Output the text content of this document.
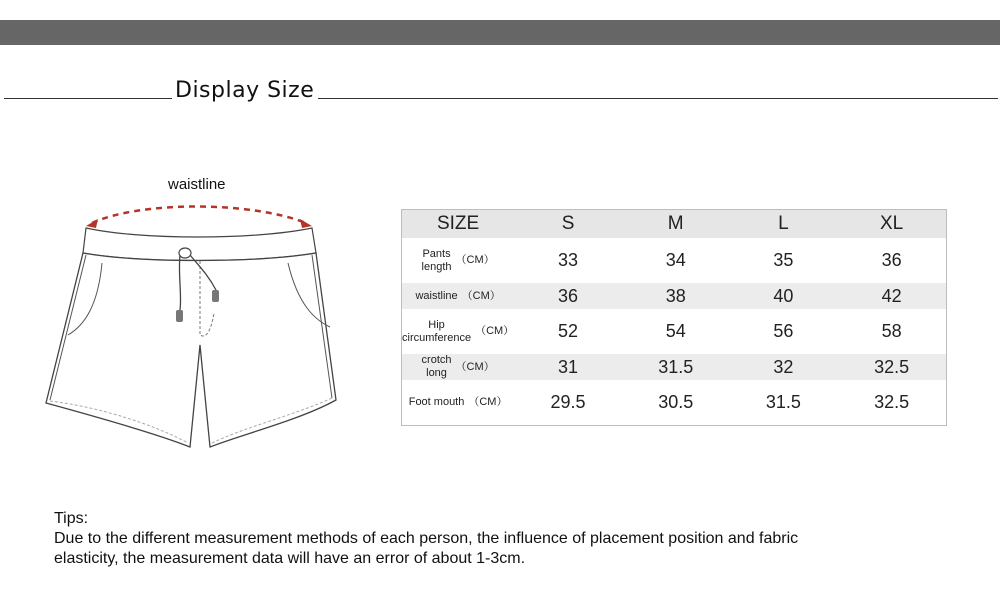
Display Size
waistline
SIZE	S	M	L	XL

Pants
length
（CM）	33	34	35	36

waistline （CM）	36	38	40	42

Hip
circumference
（CM）	52	54	56	58

crotch
long
（CM）	31	31.5	32	32.5

Foot mouth （CM）	29.5	30.5	31.5	32.5
Tips:
Due to the different measurement methods of each person, the influence of placement position and fabric
elasticity, the measurement data will have an error of about 1-3cm.
